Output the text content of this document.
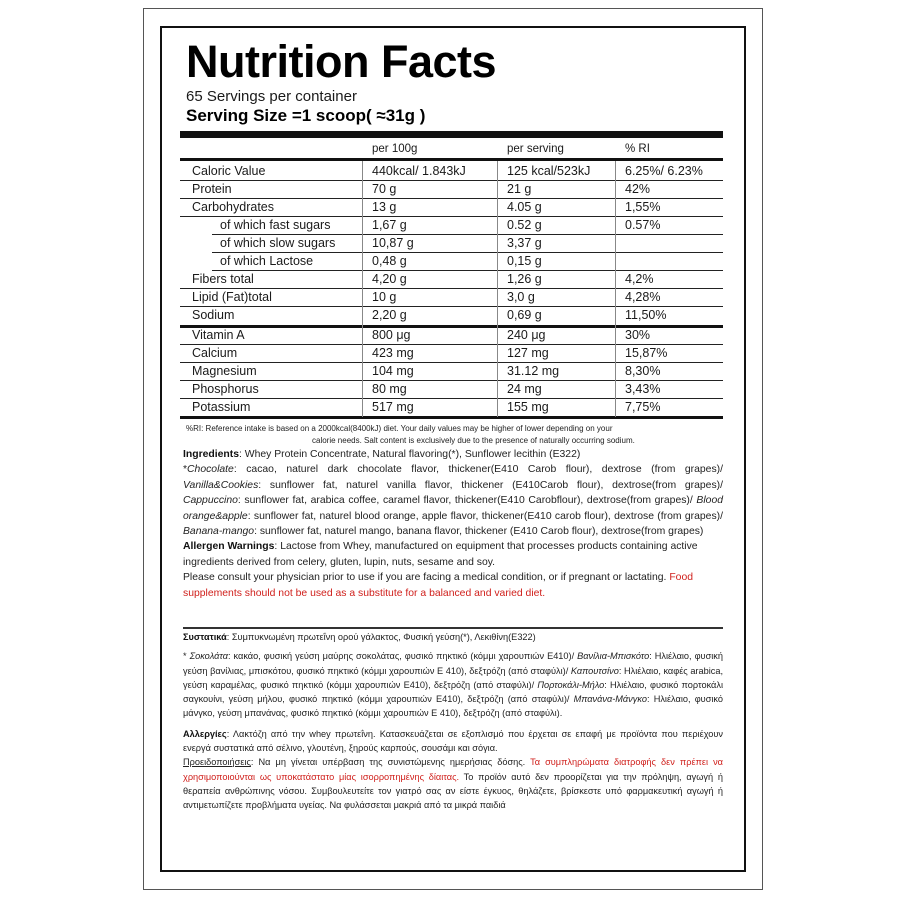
Nutrition Facts
65 Servings per container
Serving Size =1 scoop( ≈31g )
per 100g	per serving	% RI
Caloric Value	440kcal/ 1.843kJ	125 kcal/523kJ	6.25%/ 6.23%
Protein	70 g	21 g	42%
Carbohydrates	13 g	4.05 g	1,55%
of which fast sugars	1,67 g	0.52 g	0.57%
of which slow sugars	10,87 g	3,37 g
of which Lactose	0,48 g	0,15 g
Fibers total	4,20 g	1,26 g	4,2%
Lipid (Fat)total	10 g	3,0 g	4,28%
Sodium	2,20 g	0,69 g	11,50%
Vitamin A	800 μg	240 μg	30%
Calcium	423 mg	127 mg	15,87%
Magnesium	104 mg	31.12 mg	8,30%
Phosphorus	80 mg	24 mg	3,43%
Potassium	517 mg	155 mg	7,75%
%RI: Reference intake is based on a 2000kcal(8400kJ) diet. Your daily values may be higher of lower depending on your
calorie needs. Salt content is exclusively due to the presence of naturally occurring sodium.
Ingredients: Whey Protein Concentrate, Natural flavoring(*), Sunflower lecithin (E322)
*Chocolate: cacao, naturel dark chocolate flavor, thickener(E410 Carob flour), dextrose (from grapes)/ Vanilla&Cookies: sunflower fat, naturel vanilla flavor, thickener (E410Carob flour), dextrose(from grapes)/ Cappuccino: sunflower fat, arabica coffee, caramel flavor, thickener(E410 Carobflour), dextrose(from grapes)/ Blood orange&apple: sunflower fat, naturel blood orange, apple flavor, thickener(E410 carob flour), dextrose (from grapes)/ Banana-mango: sunflower fat, naturel mango, banana flavor, thickener (E410 Carob flour), dextrose(from grapes)
Allergen Warnings: Lactose from Whey, manufactured on equipment that processes products containing active ingredients derived from celery, gluten, lupin, nuts, sesame and soy.
Please consult your physician prior to use if you are facing a medical condition, or if pregnant or lactating. Food supplements should not be used as a substitute for a balanced and varied diet.
Συστατικά: Συμπυκνωμένη πρωτεΐνη ορού γάλακτος, Φυσική γεύση(*), Λεκιθίνη(E322)
* Σοκολάτα: κακάο, φυσική γεύση μαύρης σοκολάτας, φυσικό πηκτικό (κόμμι χαρουπιών E410)/ Βανίλια-Μπισκότο: Ηλιέλαιο, φυσική γεύση βανίλιας, μπισκότου, φυσικό πηκτικό (κόμμι χαρουπιών E 410), δεξτρόζη (από σταφύλι)/ Καπουτσίνο: Ηλιέλαιο, καφές arabica, γεύση καραμέλας, φυσικό πηκτικό (κόμμι χαρουπιών E410), δεξτρόζη (από σταφύλι)/ Πορτοκάλι-Μήλο: Ηλιέλαιο, φυσικό πορτοκάλι σαγκουίνι, γεύση μήλου, φυσικό πηκτικό (κόμμι χαρουπιών E410), δεξτρόζη (από σταφύλι)/ Μπανάνα-Μάνγκο: Ηλιέλαιο, φυσικό μάνγκο, γεύση μπανάνας, φυσικό πηκτικό (κόμμι χαρουπιών E 410), δεξτρόζη (από σταφύλι).
Αλλεργίες: Λακτόζη από την whey πρωτεΐνη. Κατασκευάζεται σε εξοπλισμό που έρχεται σε επαφή με προϊόντα που περιέχουν ενεργά συστατικά από σέλινο, γλουτένη, ξηρούς καρπούς, σουσάμι και σόγια.
Προειδοποιήσεις: Να μη γίνεται υπέρβαση της συνιστώμενης ημερήσιας δόσης. Τα συμπληρώματα διατροφής δεν πρέπει να χρησιμοποιούνται ως υποκατάστατο μίας ισορροπημένης δίαιτας. Το προϊόν αυτό δεν προορίζεται για την πρόληψη, αγωγή ή θεραπεία ανθρώπινης νόσου. Συμβουλευτείτε τον γιατρό σας αν είστε έγκυος, θηλάζετε, βρίσκεστε υπό φαρμακευτική αγωγή ή αντιμετωπίζετε προβλήματα υγείας. Να φυλάσσεται μακριά από τα μικρά παιδιά
